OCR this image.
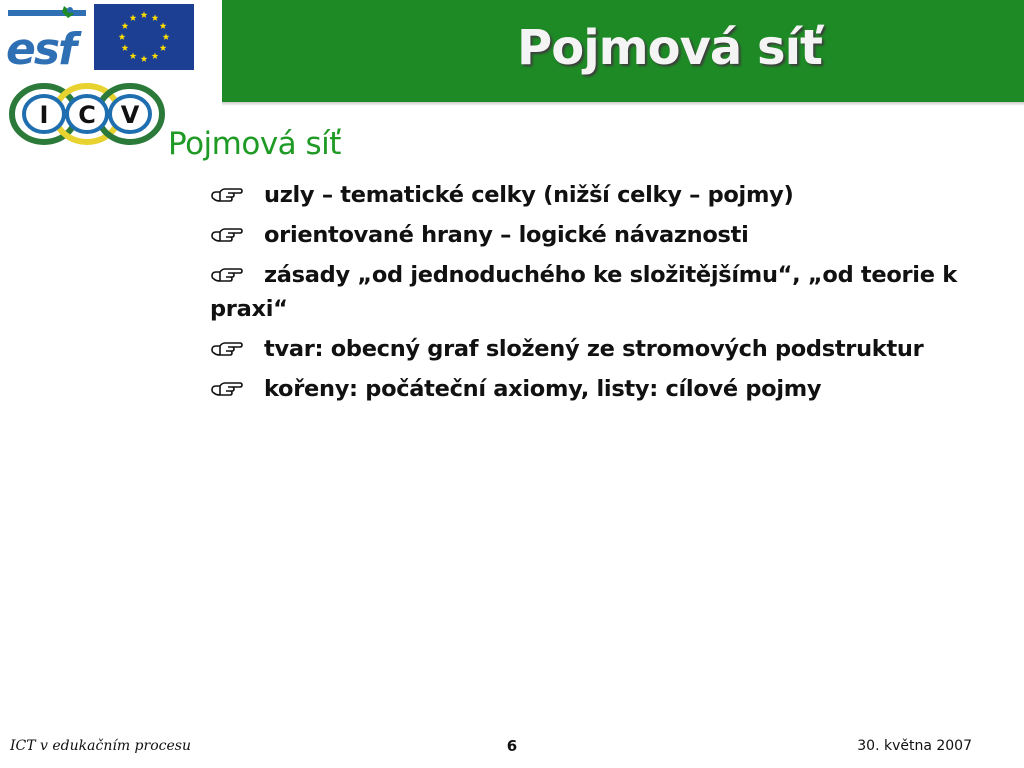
esf
I C V
Pojmová síť
Pojmová síť
uzly – tematické celky (nižší celky – pojmy)
orientované hrany – logické návaznosti
zásady „od jednoduchého ke složitějšímu“, „od teorie k praxi“
tvar: obecný graf složený ze stromových podstruktur
kořeny: počáteční axiomy, listy: cílové pojmy
ICT v edukačním procesu	6	30. května 2007
